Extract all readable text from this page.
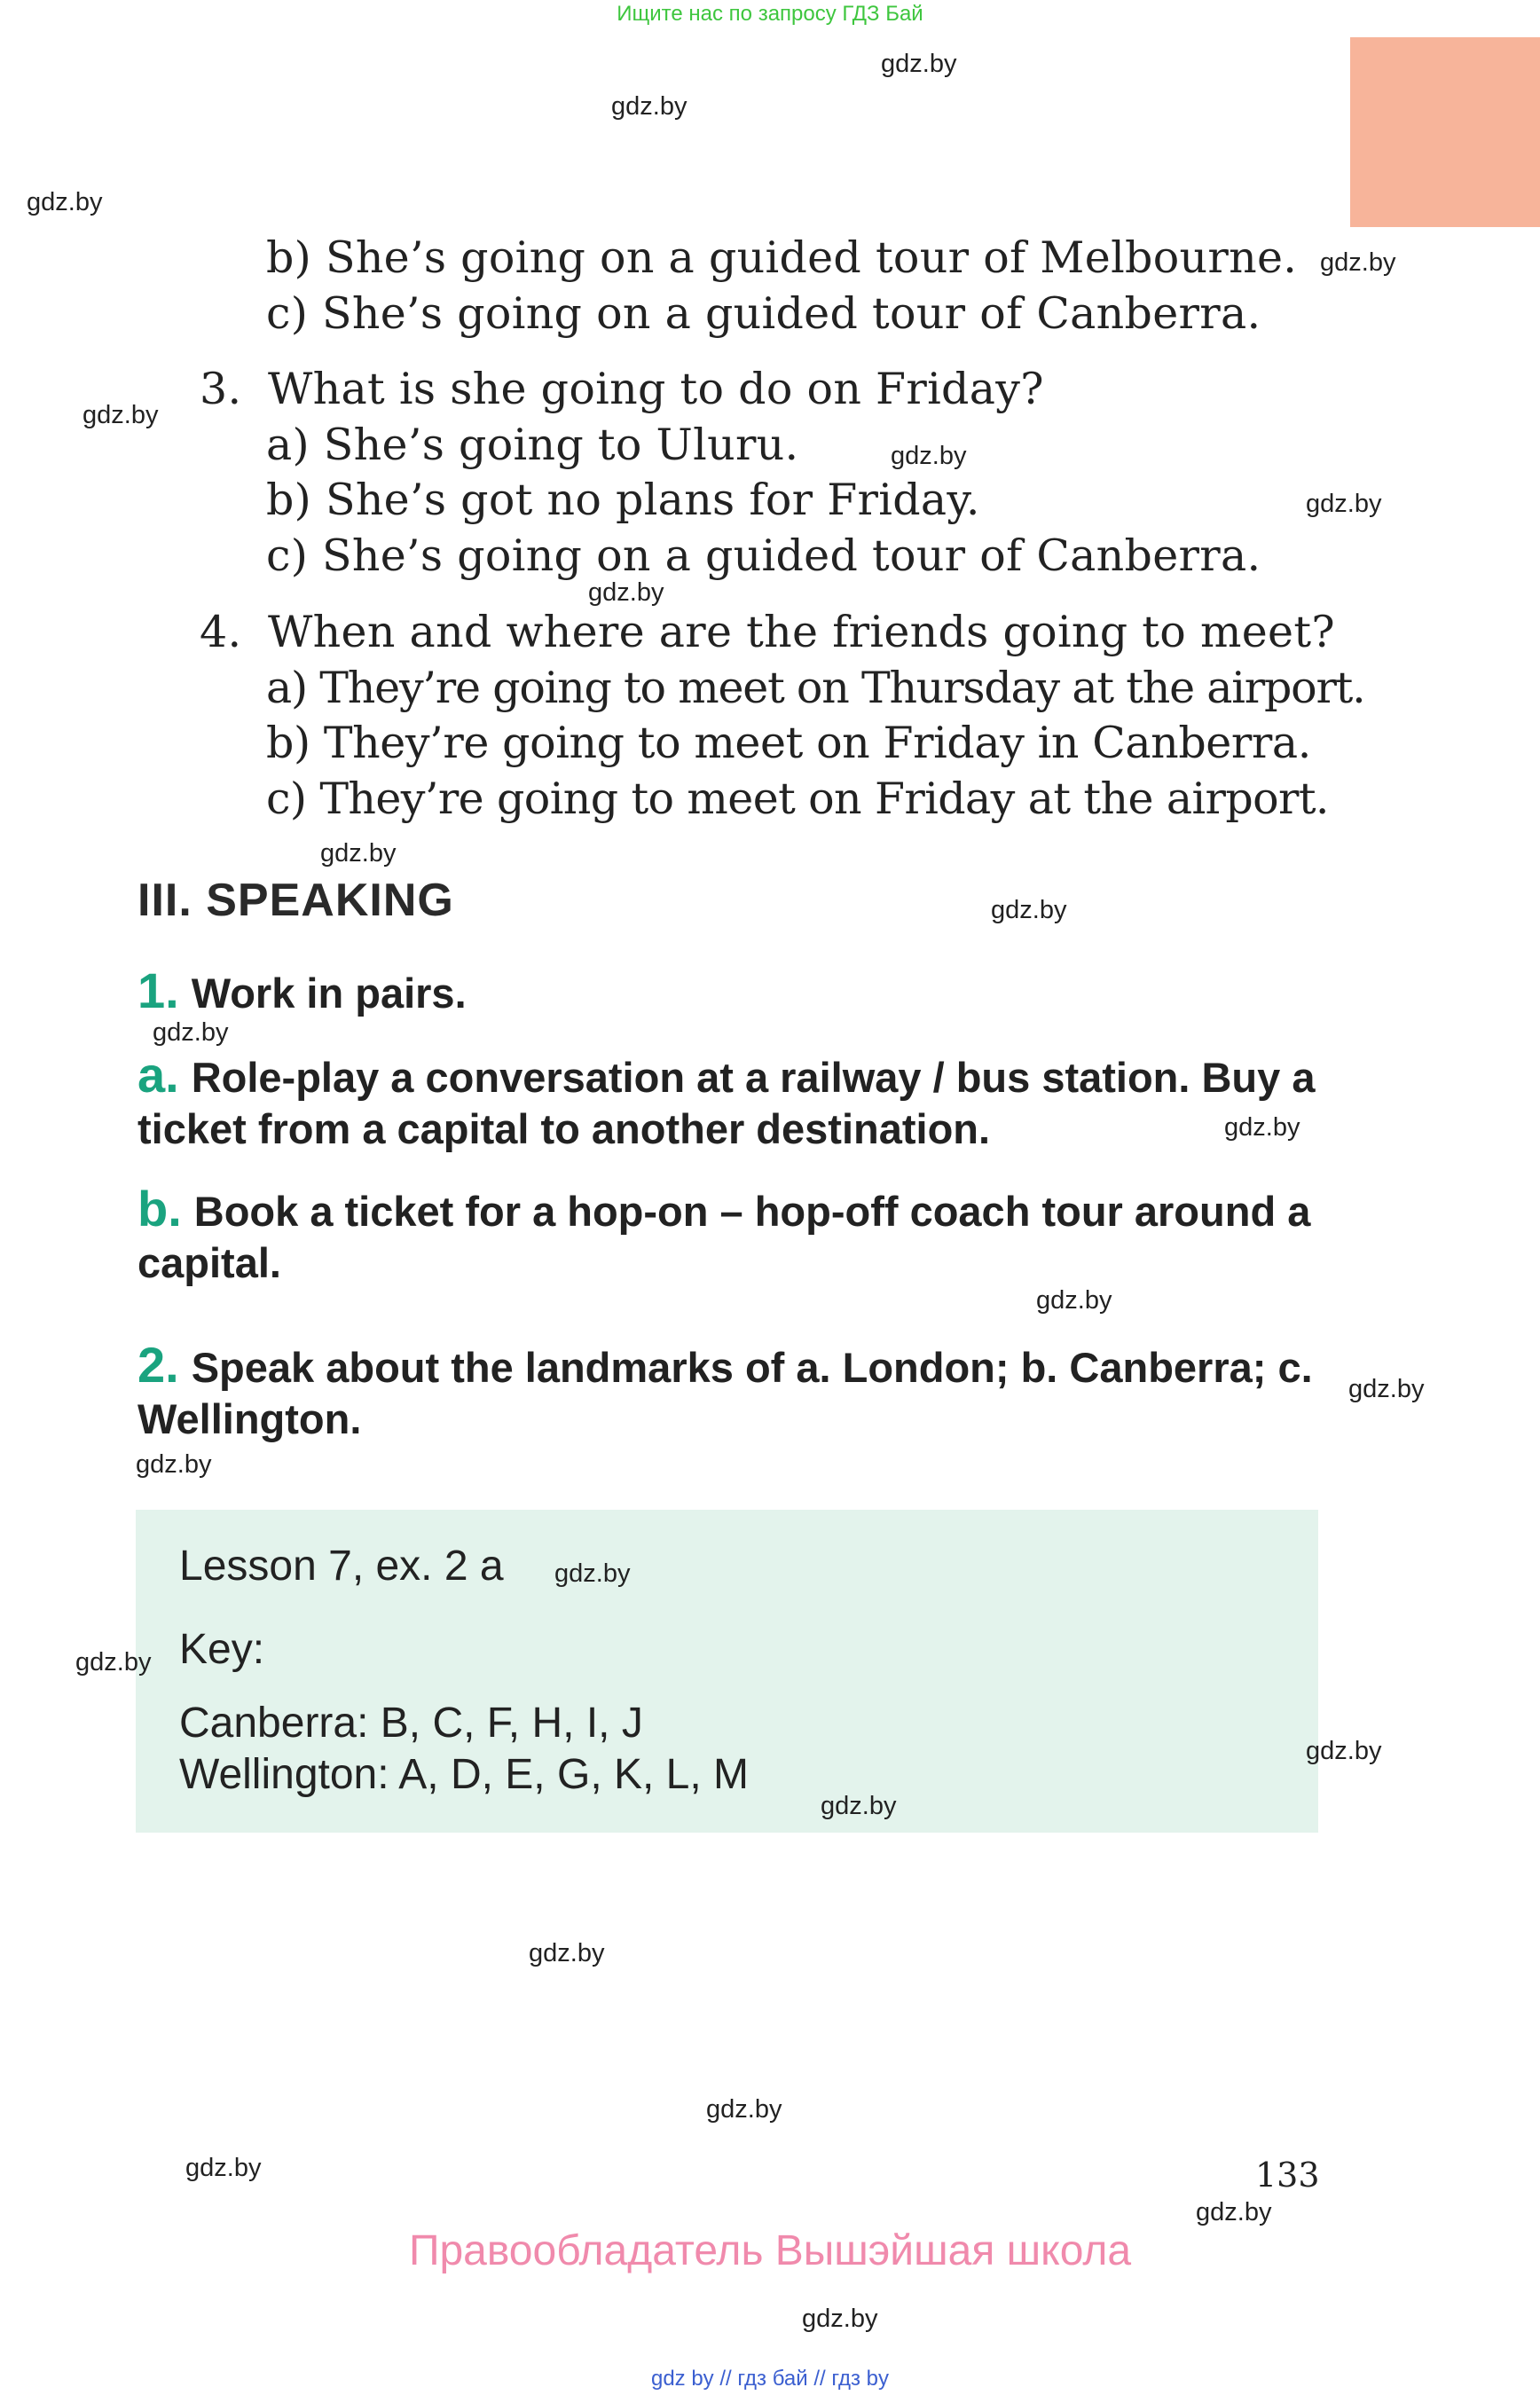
Ищите нас по запросу ГДЗ Бай
b) She’s going on a guided tour of Melbourne.
c) She’s going on a guided tour of Canberra.
3. What is she going to do on Friday?
a) She’s going to Uluru.
b) She’s got no plans for Friday.
c) She’s going on a guided tour of Canberra.
4. When and where are the friends going to meet?
a) They’re going to meet on Thursday at the airport.
b) They’re going to meet on Friday in Canberra.
c) They’re going to meet on Friday at the airport.
III. SPEAKING
1. Work in pairs.
a. Role-play a conversation at a railway / bus station. Buy a ticket from a capital to another destination.
b. Book a ticket for a hop-on – hop-off coach tour around a capital.
2. Speak about the landmarks of a. London; b. Canberra; c. Wellington.
Lesson 7, ex. 2 a
Key:
Canberra: B, C, F, H, I, J
Wellington: A, D, E, G, K, L, M
133
Правообладатель Вышэйшая школа
gdz by // гдз бай // гдз by
gdz.by
gdz.by
gdz.by
gdz.by
gdz.by
gdz.by
gdz.by
gdz.by
gdz.by
gdz.by
gdz.by
gdz.by
gdz.by
gdz.by
gdz.by
gdz.by
gdz.by
gdz.by
gdz.by
gdz.by
gdz.by
gdz.by
gdz.by
gdz.by
